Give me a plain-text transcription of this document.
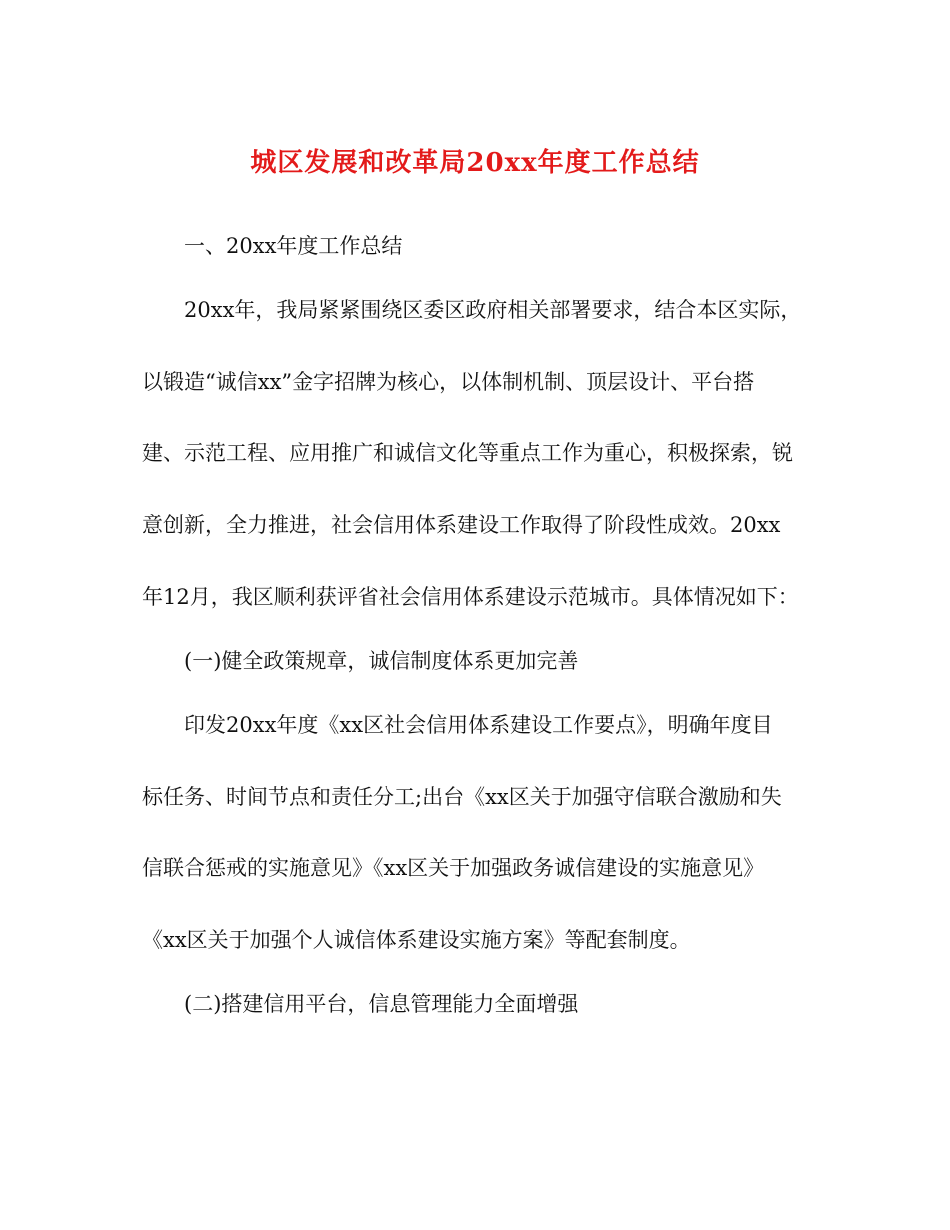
城区发展和改革局20xx年度工作总结
一、20xx年度工作总结
20xx年，我局紧紧围绕区委区政府相关部署要求，结合本区实际，
以锻造“诚信xx”金字招牌为核心，以体制机制、顶层设计、平台搭
建、示范工程、应用推广和诚信文化等重点工作为重心，积极探索，锐
意创新，全力推进，社会信用体系建设工作取得了阶段性成效。20xx
年12月，我区顺利获评省社会信用体系建设示范城市。具体情况如下：
(一)健全政策规章，诚信制度体系更加完善
印发20xx年度《xx区社会信用体系建设工作要点》，明确年度目
标任务、时间节点和责任分工;出台《xx区关于加强守信联合激励和失
信联合惩戒的实施意见》《xx区关于加强政务诚信建设的实施意见》
《xx区关于加强个人诚信体系建设实施方案》等配套制度。
(二)搭建信用平台，信息管理能力全面增强
